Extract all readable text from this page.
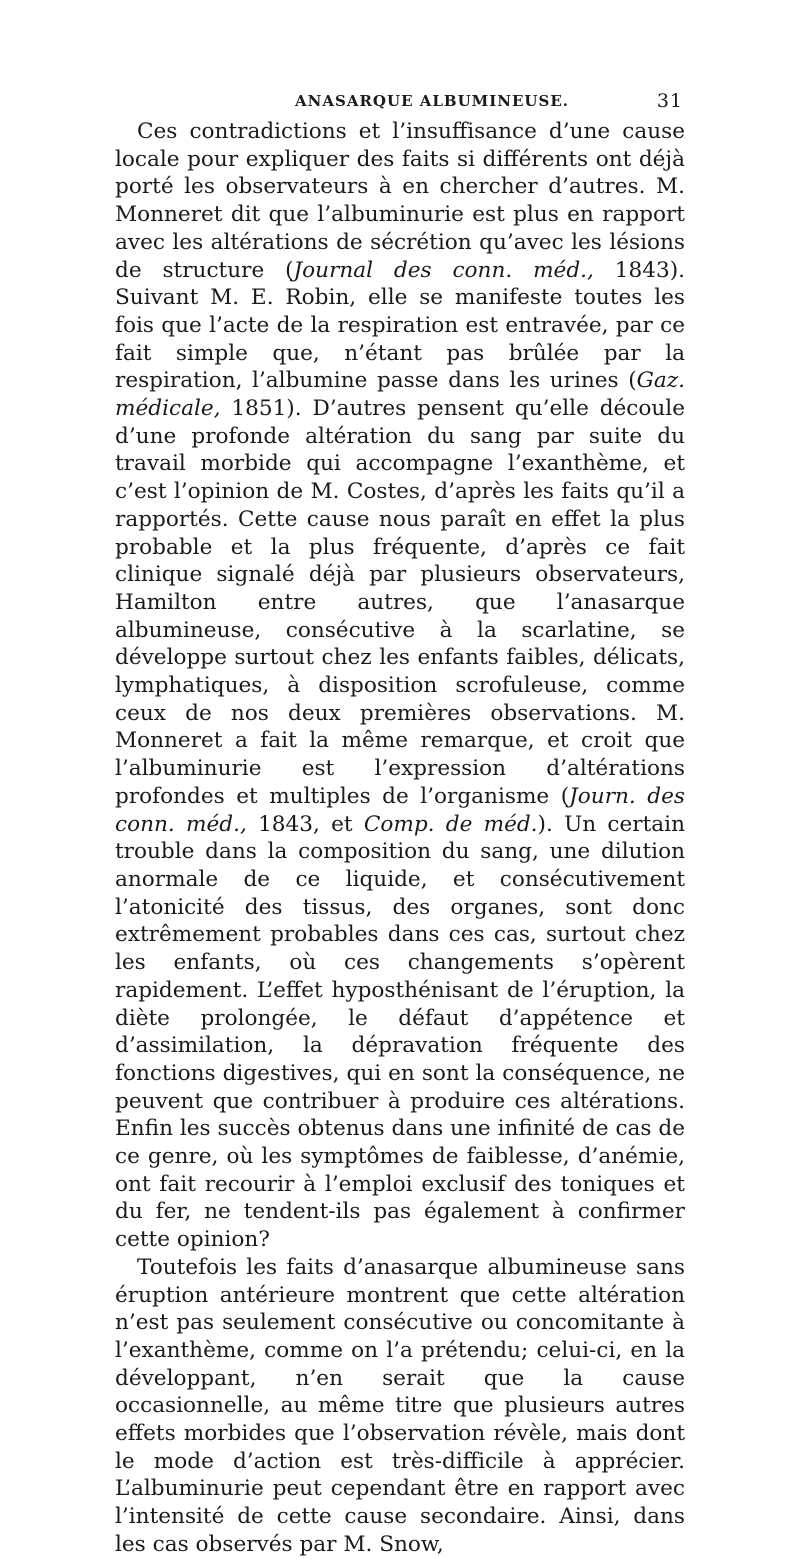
ANASARQUE ALBUMINEUSE.	31

Ces contradictions et l’insuffisance d’une cause locale pour expliquer des faits si différents ont déjà porté les observateurs à en chercher d’autres. M. Monneret dit que l’albuminurie est plus en rapport avec les altérations de sécrétion qu’avec les lésions de structure (Journal des conn. méd., 1843). Suivant M. E. Robin, elle se manifeste toutes les fois que l’acte de la respiration est entravée, par ce fait simple que, n’étant pas brûlée par la respiration, l’albumine passe dans les urines (Gaz. médicale, 1851). D’autres pensent qu’elle découle d’une profonde altération du sang par suite du travail morbide qui accompagne l’exanthème, et c’est l’opinion de M. Costes, d’après les faits qu’il a rapportés. Cette cause nous paraît en effet la plus probable et la plus fréquente, d’après ce fait clinique signalé déjà par plusieurs observateurs, Hamilton entre autres, que l’anasarque albumineuse, consécutive à la scarlatine, se développe surtout chez les enfants faibles, délicats, lymphatiques, à disposition scrofuleuse, comme ceux de nos deux premières observations. M. Monneret a fait la même remarque, et croit que l’albuminurie est l’expression d’altérations profondes et multiples de l’organisme (Journ. des conn. méd., 1843, et Comp. de méd.). Un certain trouble dans la composition du sang, une dilution anormale de ce liquide, et consécutivement l’atonicité des tissus, des organes, sont donc extrêmement probables dans ces cas, surtout chez les enfants, où ces changements s’opèrent rapidement. L’effet hyposthénisant de l’éruption, la diète prolongée, le défaut d’appétence et d’assimilation, la dépravation fréquente des fonctions digestives, qui en sont la conséquence, ne peuvent que contribuer à produire ces altérations. Enfin les succès obtenus dans une infinité de cas de ce genre, où les symptômes de faiblesse, d’anémie, ont fait recourir à l’emploi exclusif des toniques et du fer, ne tendent-ils pas également à confirmer cette opinion?

Toutefois les faits d’anasarque albumineuse sans éruption antérieure montrent que cette altération n’est pas seulement consécutive ou concomitante à l’exanthème, comme on l’a prétendu; celui-ci, en la développant, n’en serait que la cause occasionnelle, au même titre que plusieurs autres effets morbides que l’observation révèle, mais dont le mode d’action est très-difficile à apprécier. L’albuminurie peut cependant être en rapport avec l’intensité de cette cause secondaire. Ainsi, dans les cas observés par M. Snow,
